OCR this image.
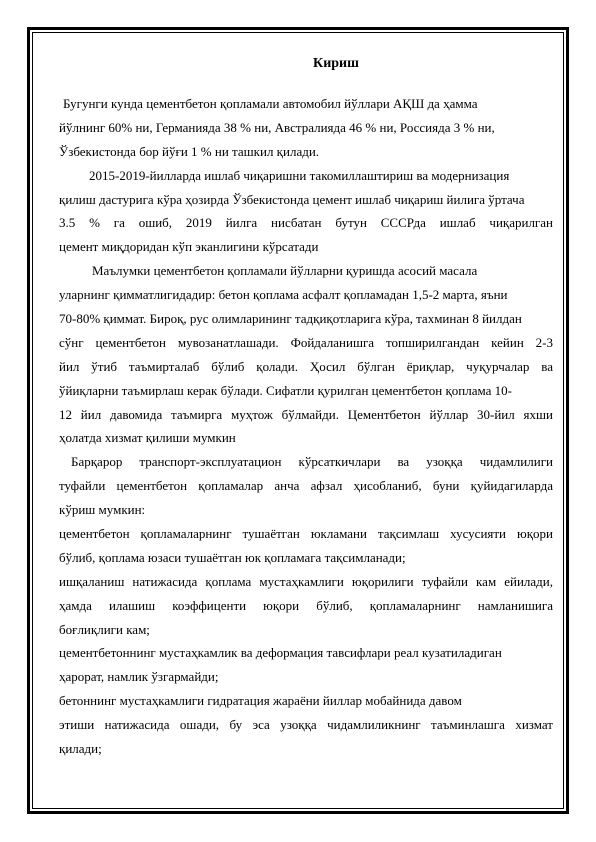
Кириш
Бугунги кунда цементбетон қопламали автомобил йўллари АҚШ да ҳамма
йўлнинг 60% ни, Германияда 38 % ни, Австралияда 46 % ни, Россияда 3 % ни,
Ўзбекистонда бор йўғи 1 % ни ташкил қилади.
2015-2019-йилларда ишлаб чиқаришни такомиллаштириш ва модернизация
қилиш дастурига кўра ҳозирда Ўзбекистонда цемент ишлаб чиқариш йилига ўртача
3.5 % га ошиб, 2019 йилга нисбатан бутун СССРда ишлаб чиқарилган
цемент миқдоридан кўп эканлигини кўрсатади
Маълумки цементбетон қопламали йўлларни қуришда асосий масала
уларнинг қимматлигидадир: бетон қоплама асфалт қопламадан 1,5-2 марта, яъни
70-80% қиммат. Бироқ, рус олимларининг тадқиқотларига кўра, тахминан 8 йилдан
сўнг цементбетон мувозанатлашади. Фойдаланишга топширилгандан кейин 2-3
йил ўтиб таъмирталаб бўлиб қолади. Ҳосил бўлган ёриқлар, чуқурчалар ва
ўйиқларни таъмирлаш керак бўлади. Сифатли қурилган цементбетон қоплама 10-
12 йил давомида таъмирга муҳтож бўлмайди. Цементбетон йўллар 30-йил яхши
ҳолатда хизмат қилиши мумкин
Барқарор транспорт-эксплуатацион кўрсаткичлари ва узоққа чидамлилиги
туфайли цементбетон қопламалар анча афзал ҳисобланиб, буни қуйидагиларда
кўриш мумкин:
цементбетон қопламаларнинг тушаётган юкламани тақсимлаш хусусияти юқори
бўлиб, қоплама юзаси тушаётган юк қопламага тақсимланади;
ишқаланиш натижасида қоплама мустаҳкамлиги юқорилиги туфайли кам ейилади,
ҳамда илашиш коэффиценти юқори бўлиб, қопламаларнинг намланишига
боғлиқлиги кам;
цементбетоннинг мустаҳкамлик ва деформация тавсифлари реал кузатиладиган
ҳарорат, намлик ўзгармайди;
бетоннинг мустаҳкамлиги гидратация жараёни йиллар мобайнида давом
этиши натижасида ошади, бу эса узоққа чидамлиликнинг таъминлашга хизмат
қилади;
